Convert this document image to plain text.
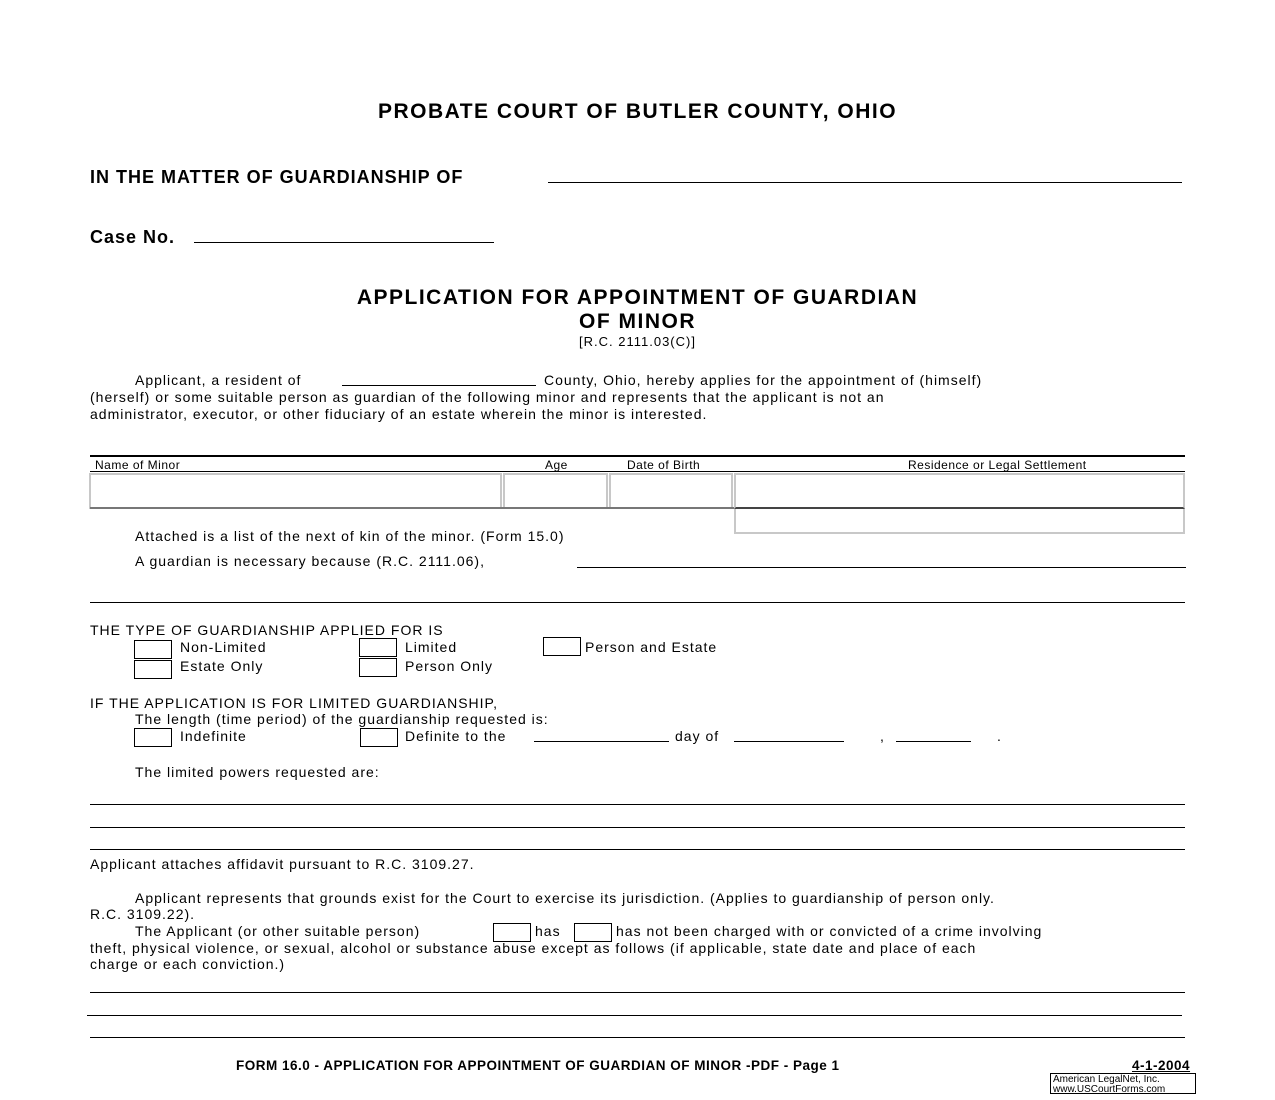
PROBATE COURT OF BUTLER COUNTY, OHIO
IN THE MATTER OF GUARDIANSHIP OF
Case No.
APPLICATION FOR APPOINTMENT OF GUARDIAN
OF MINOR
[R.C. 2111.03(C)]
Applicant, a resident of	County, Ohio, hereby applies for the appointment of (himself)
(herself) or some suitable person as guardian of the following minor and represents that the applicant is not an
administrator, executor, or other fiduciary of an estate wherein the minor is interested.
Name of Minor	Age	Date of Birth	Residence or Legal Settlement
Attached is a list of the next of kin of the minor. (Form 15.0)
A guardian is necessary because (R.C. 2111.06),
THE TYPE OF GUARDIANSHIP APPLIED FOR IS
Non-Limited	Limited	Person and Estate
Estate Only	Person Only
IF THE APPLICATION IS FOR LIMITED GUARDIANSHIP,
The length (time period) of the guardianship requested is:
Indefinite	Definite to the	day of	,	.
The limited powers requested are:
Applicant attaches affidavit pursuant to R.C. 3109.27.
Applicant represents that grounds exist for the Court to exercise its jurisdiction. (Applies to guardianship of person only.
R.C. 3109.22).
The Applicant (or other suitable person)	has	has not been charged with or convicted of a crime involving
theft, physical violence, or sexual, alcohol or substance abuse except as follows (if applicable, state date and place of each
charge or each conviction.)
FORM 16.0 - APPLICATION FOR APPOINTMENT OF GUARDIAN OF MINOR -PDF - Page 1	4-1-2004
American LegalNet, Inc.
www.USCourtForms.com
